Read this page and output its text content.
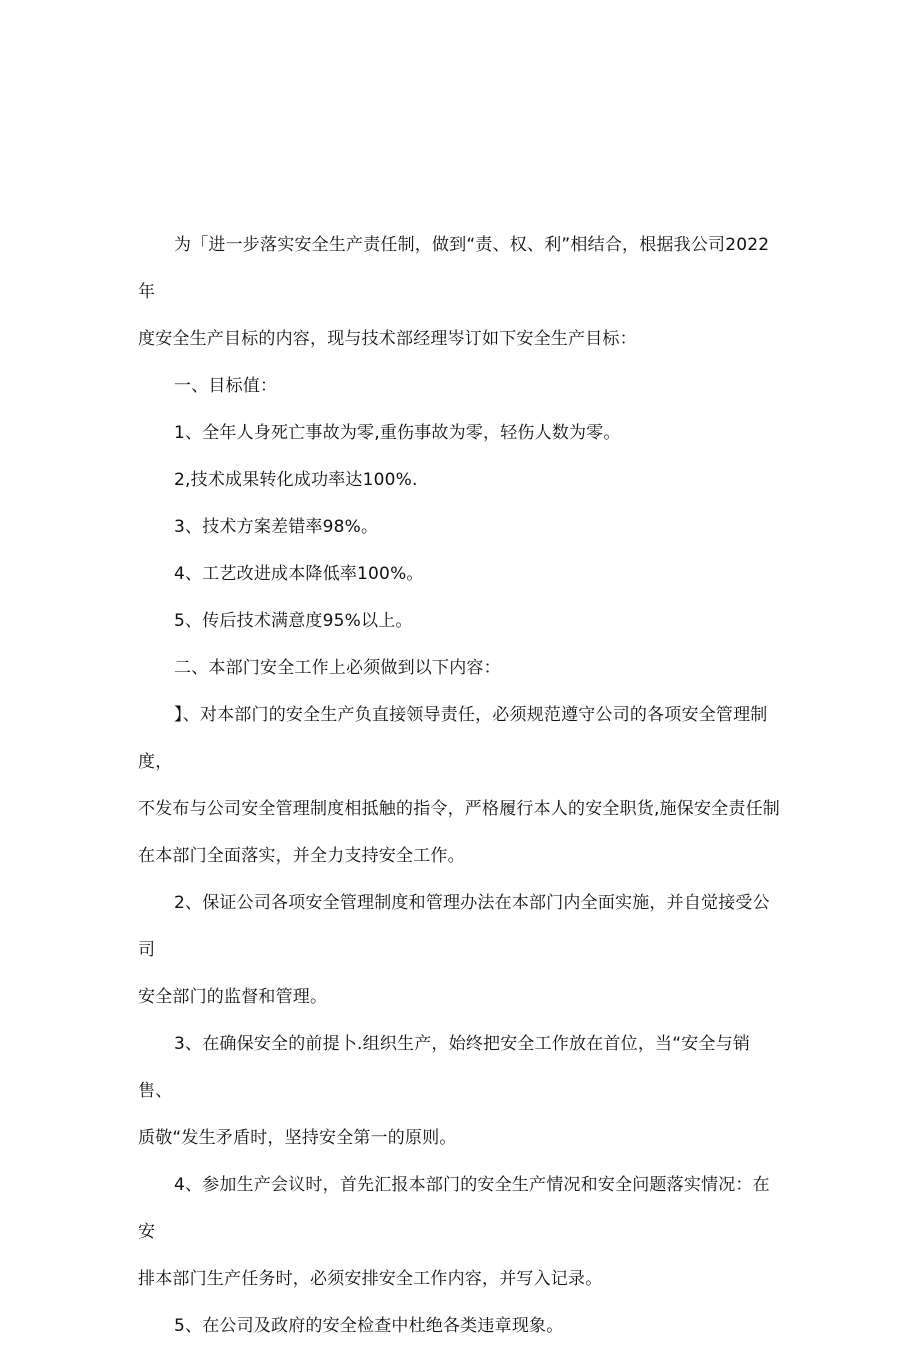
为「进一步落实安全生产责任制，做到“责、权、利”相结合，根据我公司2022年
度安全生产目标的内容，现与技术部经理岑订如下安全生产目标：

一、目标值：

1、全年人身死亡事故为零,重伤事故为零，轻伤人数为零。

2,技术成果转化成功率达100%.

3、技术方案差错率98%。

4、工艺改进成本降低率100%。

5、传后技术满意度95%以上。

二、本部门安全工作上必须做到以下内容：

】、对本部门的安全生产负直接领导责任，必须规范遵守公司的各项安全管理制度，
不发布与公司安全管理制度相抵触的指令，严格履行本人的安全职货,施保安全责任制
在本部门全面落实，并全力支持安全工作。

2、保证公司各项安全管理制度和管理办法在本部门内全面实施，并自觉接受公司
安全部门的监督和管理。

3、在确保安全的前提卜.组织生产，始终把安全工作放在首位，当“安全与销售、
质敬“发生矛盾时，坚持安全第一的原则。

4、参加生产会议时，首先汇报本部门的安全生产情况和安全问题落实情况：在安
排本部门生产任务时，必须安排安全工作内容，并写入记录。

5、在公司及政府的安全检查中杜绝各类违章现象。
